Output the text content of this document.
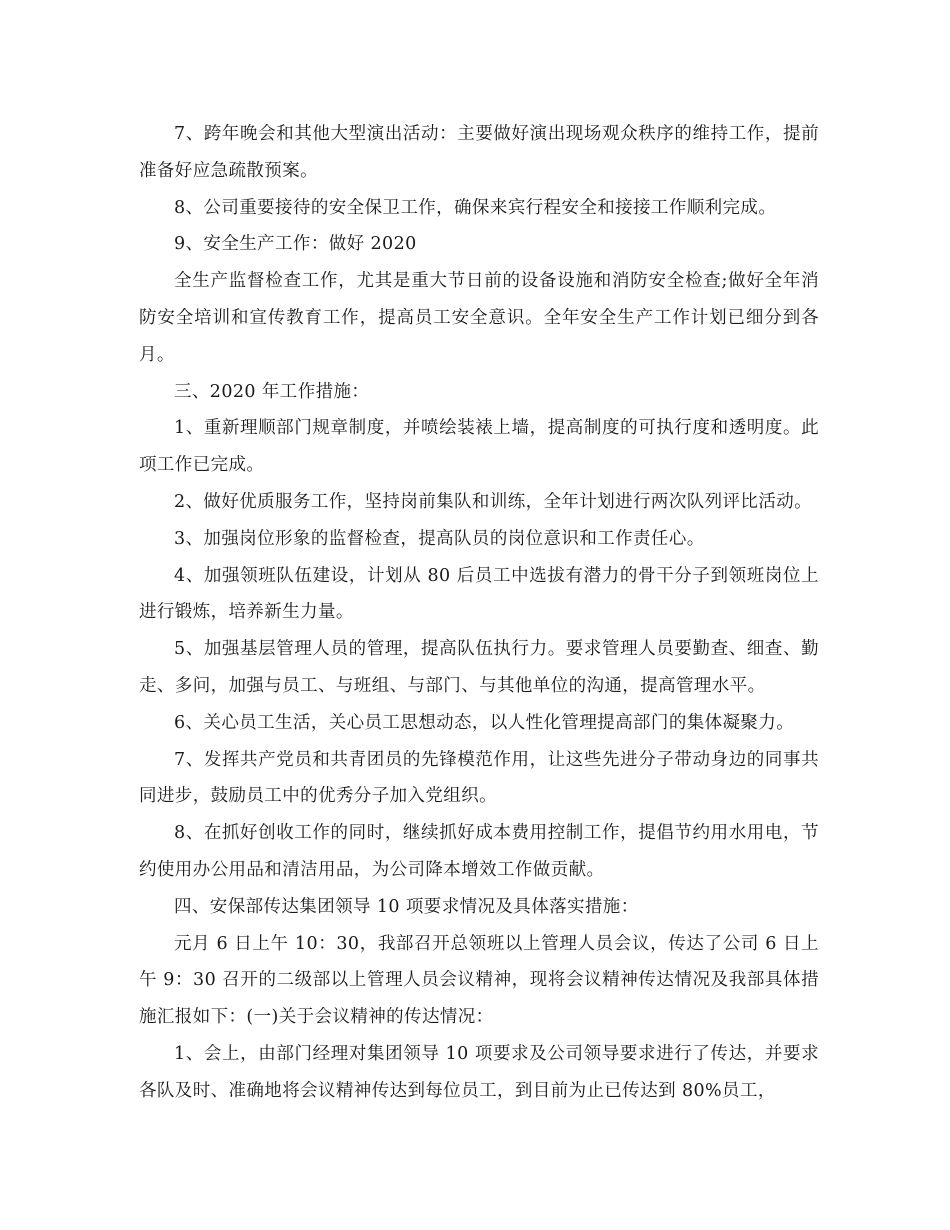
7、跨年晚会和其他大型演出活动：主要做好演出现场观众秩序的维持工作，提前准备好应急疏散预案。

8、公司重要接待的安全保卫工作，确保来宾行程安全和接接工作顺利完成。

9、安全生产工作：做好 2020

全生产监督检查工作，尤其是重大节日前的设备设施和消防安全检查;做好全年消防安全培训和宣传教育工作，提高员工安全意识。全年安全生产工作计划已细分到各月。

三、2020 年工作措施：

1、重新理顺部门规章制度，并喷绘装裱上墙，提高制度的可执行度和透明度。此项工作已完成。

2、做好优质服务工作，坚持岗前集队和训练，全年计划进行两次队列评比活动。

3、加强岗位形象的监督检查，提高队员的岗位意识和工作责任心。

4、加强领班队伍建设，计划从 80 后员工中选拔有潜力的骨干分子到领班岗位上进行锻炼，培养新生力量。

5、加强基层管理人员的管理，提高队伍执行力。要求管理人员要勤查、细查、勤走、多问，加强与员工、与班组、与部门、与其他单位的沟通，提高管理水平。

6、关心员工生活，关心员工思想动态，以人性化管理提高部门的集体凝聚力。

7、发挥共产党员和共青团员的先锋模范作用，让这些先进分子带动身边的同事共同进步，鼓励员工中的优秀分子加入党组织。

8、在抓好创收工作的同时，继续抓好成本费用控制工作，提倡节约用水用电，节约使用办公用品和清洁用品，为公司降本增效工作做贡献。

四、安保部传达集团领导 10 项要求情况及具体落实措施：

元月 6 日上午 10：30，我部召开总领班以上管理人员会议，传达了公司 6 日上午 9：30 召开的二级部以上管理人员会议精神，现将会议精神传达情况及我部具体措施汇报如下：(一)关于会议精神的传达情况：

1、会上，由部门经理对集团领导 10 项要求及公司领导要求进行了传达，并要求各队及时、准确地将会议精神传达到每位员工，到目前为止已传达到 80%员工，
